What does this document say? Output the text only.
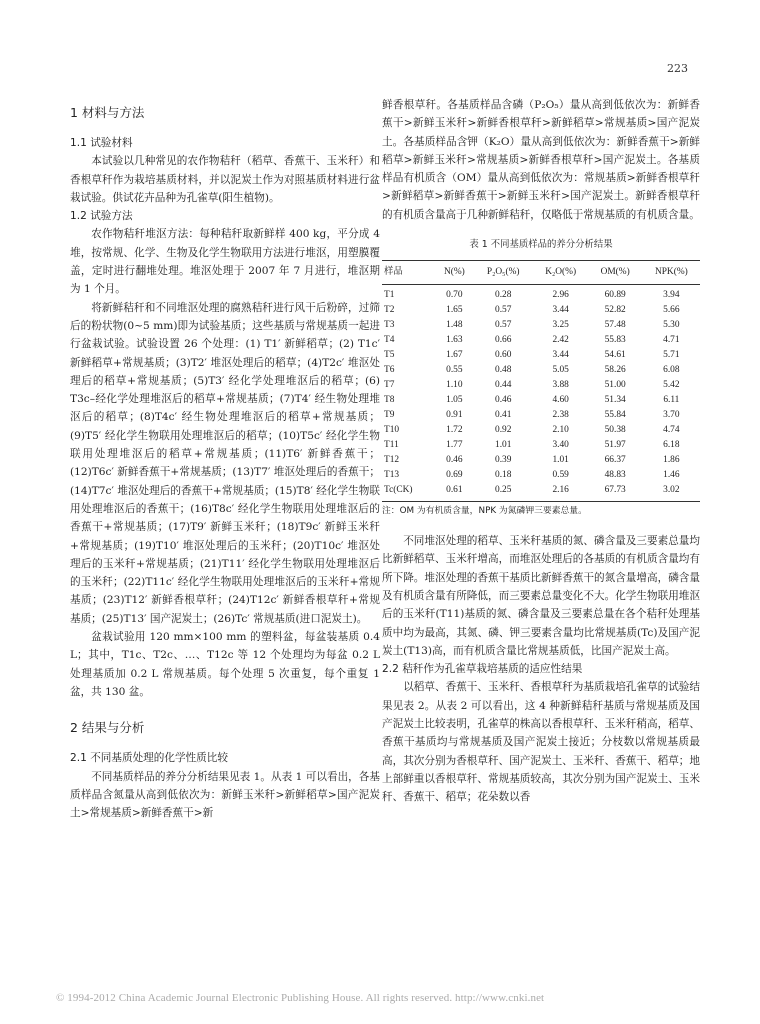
223
1 材料与方法
1.1 试验材料

本试验以几种常见的农作物秸秆（稻草、香蕉干、玉米秆）和香根草秆作为栽培基质材料，并以泥炭土作为对照基质材料进行盆栽试验。供试花卉品种为孔雀草(阳生植物)。

1.2 试验方法

农作物秸秆堆沤方法：每种秸秆取新鲜样 400 kg，平分成 4 堆，按常规、化学、生物及化学生物联用方法进行堆沤，用塑膜覆盖，定时进行翻堆处理。堆沤处理于 2007 年 7 月进行，堆沤期为 1 个月。

将新鲜秸秆和不同堆沤处理的腐熟秸秆进行风干后粉碎，过筛后的粉状物(0~5 mm)即为试验基质；这些基质与常规基质一起进行盆栽试验。试验设置 26 个处理：(1) T1′ 新鲜稻草；(2) T1c′ 新鲜稻草+常规基质；(3)T2′ 堆沤处理后的稻草；(4)T2c′ 堆沤处理后的稻草+常规基质；(5)T3′ 经化学处理堆沤后的稻草；(6) T3c–经化学处理堆沤后的稻草+常规基质；(7)T4′ 经生物处理堆沤后的稻草；(8)T4c′ 经生物处理堆沤后的稻草+常规基质；(9)T5′ 经化学生物联用处理堆沤后的稻草；(10)T5c′ 经化学生物联用处理堆沤后的稻草+常规基质；(11)T6′ 新鲜香蕉干；(12)T6c′ 新鲜香蕉干+常规基质；(13)T7′ 堆沤处理后的香蕉干；(14)T7c′ 堆沤处理后的香蕉干+常规基质；(15)T8′ 经化学生物联用处理堆沤后的香蕉干；(16)T8c′ 经化学生物联用处理堆沤后的香蕉干+常规基质；(17)T9′ 新鲜玉米秆；(18)T9c′ 新鲜玉米秆+常规基质；(19)T10′ 堆沤处理后的玉米秆；(20)T10c′ 堆沤处理后的玉米秆+常规基质；(21)T11′ 经化学生物联用处理堆沤后的玉米秆；(22)T11c′ 经化学生物联用处理堆沤后的玉米秆+常规基质；(23)T12′ 新鲜香根草秆；(24)T12c′ 新鲜香根草秆+常规基质；(25)T13′ 国产泥炭土；(26)Tc′ 常规基质(进口泥炭土)。

盆栽试验用 120 mm×100 mm 的塑料盆，每盆装基质 0.4 L；其中，T1c、T2c、…、T12c 等 12 个处理均为每盆 0.2 L 处理基质加 0.2 L 常规基质。每个处理 5 次重复，每个重复 1 盆，共 130 盆。

2 结果与分析
2.1 不同基质处理的化学性质比较

不同基质样品的养分分析结果见表 1。从表 1 可以看出，各基质样品含氮量从高到低依次为：新鲜玉米秆>新鲜稻草>国产泥炭土>常规基质>新鲜香蕉干>新

鲜香根草秆。各基质样品含磷（P₂O₅）量从高到低依次为：新鲜香蕉干>新鲜玉米秆>新鲜香根草秆>新鲜稻草>常规基质>国产泥炭土。各基质样品含钾（K₂O）量从高到低依次为：新鲜香蕉干>新鲜稻草>新鲜玉米秆>常规基质>新鲜香根草秆>国产泥炭土。各基质样品有机质含（OM）量从高到低依次为：常规基质>新鲜香根草秆>新鲜稻草>新鲜香蕉干>新鲜玉米秆>国产泥炭土。新鲜香根草秆的有机质含量高于几种新鲜秸秆，仅略低于常规基质的有机质含量。

表 1 不同基质样品的养分分析结果
样品	N(%)	P₂O₅(%)	K₂O(%)	OM(%)	NPK(%)
T1	0.70	0.28	2.96	60.89	3.94
T2	1.65	0.57	3.44	52.82	5.66
T3	1.48	0.57	3.25	57.48	5.30
T4	1.63	0.66	2.42	55.83	4.71
T5	1.67	0.60	3.44	54.61	5.71
T6	0.55	0.48	5.05	58.26	6.08
T7	1.10	0.44	3.88	51.00	5.42
T8	1.05	0.46	4.60	51.34	6.11
T9	0.91	0.41	2.38	55.84	3.70
T10	1.72	0.92	2.10	50.38	4.74
T11	1.77	1.01	3.40	51.97	6.18
T12	0.46	0.39	1.01	66.37	1.86
T13	0.69	0.18	0.59	48.83	1.46
Tc(CK)	0.61	0.25	2.16	67.73	3.02
注：OM 为有机质含量，NPK 为氮磷钾三要素总量。

不同堆沤处理的稻草、玉米秆基质的氮、磷含量及三要素总量均比新鲜稻草、玉米秆增高，而堆沤处理后的各基质的有机质含量均有所下降。堆沤处理的香蕉干基质比新鲜香蕉干的氮含量增高，磷含量及有机质含量有所降低，而三要素总量变化不大。化学生物联用堆沤后的玉米秆(T11)基质的氮、磷含量及三要素总量在各个秸秆处理基质中均为最高，其氮、磷、钾三要素含量均比常规基质(Tc)及国产泥炭土(T13)高，而有机质含量比常规基质低，比国产泥炭土高。

2.2 秸秆作为孔雀草栽培基质的适应性结果

以稻草、香蕉干、玉米秆、香根草秆为基质栽培孔雀草的试验结果见表 2。从表 2 可以看出，这 4 种新鲜秸秆基质与常规基质及国产泥炭土比较表明，孔雀草的株高以香根草秆、玉米秆稍高，稻草、香蕉干基质均与常规基质及国产泥炭土接近；分枝数以常规基质最高，其次分别为香根草秆、国产泥炭土、玉米秆、香蕉干、稻草；地上部鲜重以香根草秆、常规基质较高，其次分别为国产泥炭土、玉米秆、香蕉干、稻草；花朵数以香

© 1994-2012 China Academic Journal Electronic Publishing House. All rights reserved. http://www.cnki.net
